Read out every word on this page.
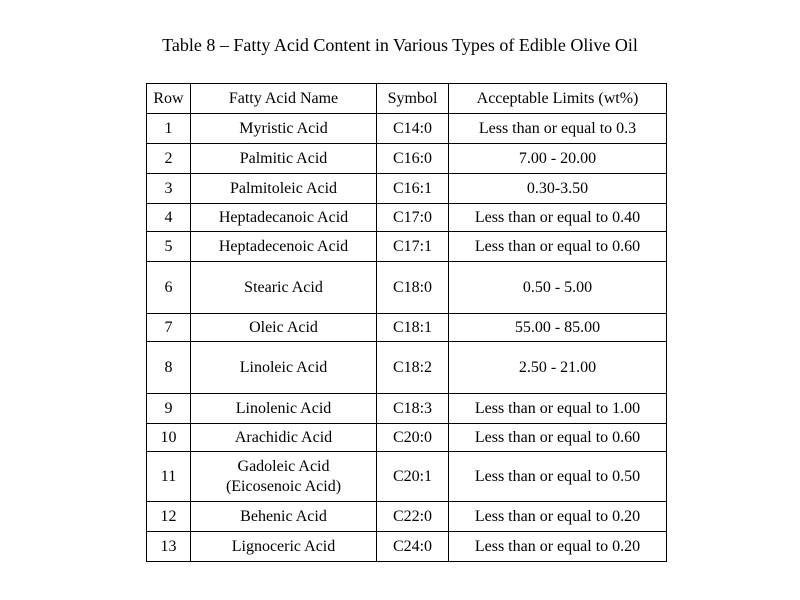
Table 8 – Fatty Acid Content in Various Types of Edible Olive Oil
Row	Fatty Acid Name	Symbol	Acceptable Limits (wt%)
1	Myristic Acid	C14:0	Less than or equal to 0.3
2	Palmitic Acid	C16:0	7.00 - 20.00
3	Palmitoleic Acid	C16:1	0.30-3.50
4	Heptadecanoic Acid	C17:0	Less than or equal to 0.40
5	Heptadecenoic Acid	C17:1	Less than or equal to 0.60
6	Stearic Acid	C18:0	0.50 - 5.00
7	Oleic Acid	C18:1	55.00 - 85.00
8	Linoleic Acid	C18:2	2.50 - 21.00
9	Linolenic Acid	C18:3	Less than or equal to 1.00
10	Arachidic Acid	C20:0	Less than or equal to 0.60
11	Gadoleic Acid
(Eicosenoic Acid)	C20:1	Less than or equal to 0.50
12	Behenic Acid	C22:0	Less than or equal to 0.20
13	Lignoceric Acid	C24:0	Less than or equal to 0.20
